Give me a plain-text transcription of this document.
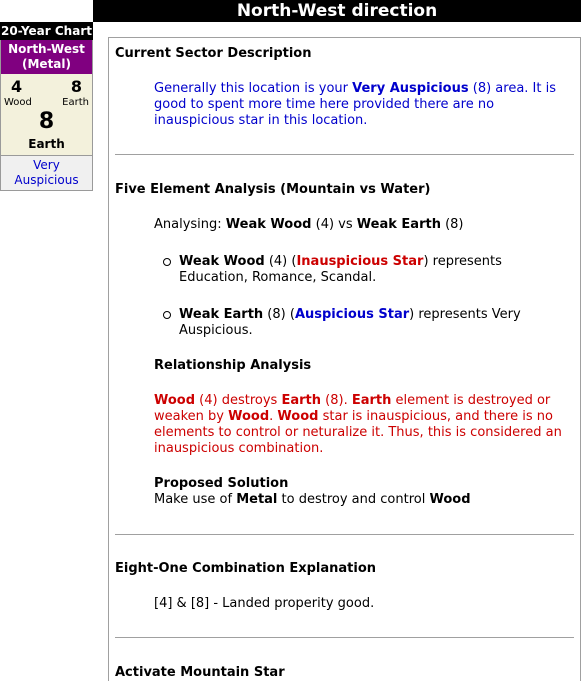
North-West direction
20-Year Chart
North-West
(Metal)
4	8
Wood	Earth
8
Earth
Very Auspicious
Current Sector Description
Generally this location is your Very Auspicious (8) area. It is good to spent more time here provided there are no inauspicious star in this location.
Five Element Analysis (Mountain vs Water)
Analysing: Weak Wood (4) vs Weak Earth (8)
Weak Wood (4) (Inauspicious Star) represents Education, Romance, Scandal.
Weak Earth (8) (Auspicious Star) represents Very Auspicious.
Relationship Analysis
Wood (4) destroys Earth (8). Earth element is destroyed or weaken by Wood. Wood star is inauspicious, and there is no elements to control or neturalize it. Thus, this is considered an inauspicious combination.
Proposed Solution
Make use of Metal to destroy and control Wood
Eight-One Combination Explanation
[4] & [8] - Landed properity good.
Activate Mountain Star
